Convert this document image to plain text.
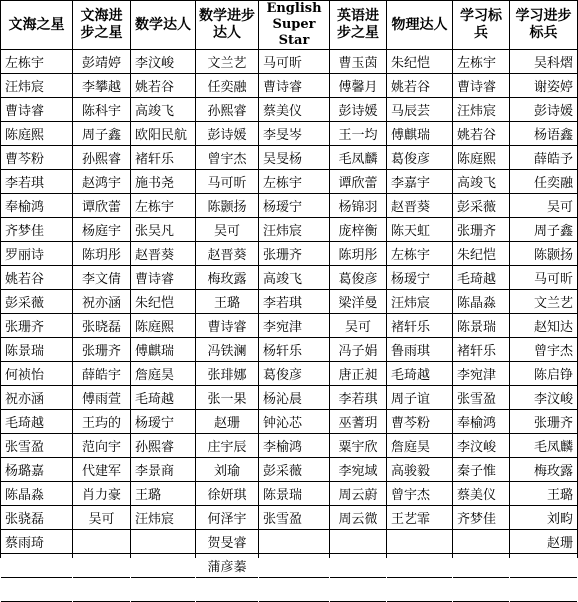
文海之星
左栋宇
汪炜宸
曹诗睿
陈庭熙
曹芩粉
李若琪
奉榆鸿
齐梦佳
罗丽诗
姚若谷
彭采薇
张珊齐
陈景瑞
何祯怡
祝亦涵
毛琦越
张雪盈
杨璐嘉
陈晶淼
张骁磊
蔡雨琦
文海进步之星
彭靖婷
李攀越
陈科宇
周子鑫
孙熙睿
赵鸿宇
谭欣蕾
杨庭宇
陈玥彤
李文倩
祝亦涵
张晓磊
张珊齐
薛皓宇
傅雨萱
王玙的
范向宇
代建军
肖力豪
吴可
数学达人
李汶峻
姚若谷
高竣飞
欧阳民航
褚轩乐
施书尧
左栋宇
张吴凡
赵晋葵
曹诗睿
朱纪恺
陈庭熙
傅麒瑞
詹庭昊
毛琦越
杨瑷宁
孙熙睿
李景商
王璐
汪炜宸
数学进步达人
文兰艺
任奕融
孙熙睿
彭诗媛
曾宇杰
马可昕
陈颢扬
吴可
赵晋葵
梅玫露
王璐
曹诗睿
冯铁澜
张琲娜
张一果
赵珊
庄宇辰
刘瑜
徐妍琪
何泽宇
贺旻睿
蒲彦蓁
English Super Star
马可昕
曹诗睿
蔡美仪
李旻岑
吴旻杨
左栋宇
杨瑷宁
汪炜宸
张珊齐
高竣飞
李若琪
李宛津
杨轩乐
葛俊彦
杨沁晨
钟沁芯
李榆鸿
彭采薇
陈景瑞
张雪盈
英语进步之星
曹玉茵
傅馨月
彭诗媛
王一均
毛凤麟
谭欣蕾
杨锦羽
庞梓衡
陈玥彤
葛俊彦
梁洋曼
吴可
冯子娟
唐正昶
李若琪
巫蓍玥
粟宇欣
李宛域
周云蔚
周云微
物理达人
朱纪恺
姚若谷
马辰芸
傅麒瑞
葛俊彦
李嘉宇
赵晋葵
陈天虹
左栋宇
杨瑷宁
汪炜宸
褚轩乐
鲁雨琪
毛琦越
周子谊
曹芩粉
詹庭昊
高骏毅
曾宇杰
王艺霏
学习标兵
左栋宇
曹诗睿
汪炜宸
姚若谷
陈庭熙
高竣飞
彭采薇
张珊齐
朱纪恺
毛琦越
陈晶淼
陈景瑞
褚轩乐
李宛津
张雪盈
奉榆鸿
李汶峻
秦子惟
蔡美仪
齐梦佳
学习进步标兵
吴科熠
谢姿婷
彭诗媛
杨语鑫
薛皓予
任奕融
吴可
周子鑫
陈颢扬
马可昕
文兰艺
赵知达
曾宇杰
陈启铮
李汶峻
张珊齐
毛凤麟
梅玫露
王璐
刘畇
赵珊
